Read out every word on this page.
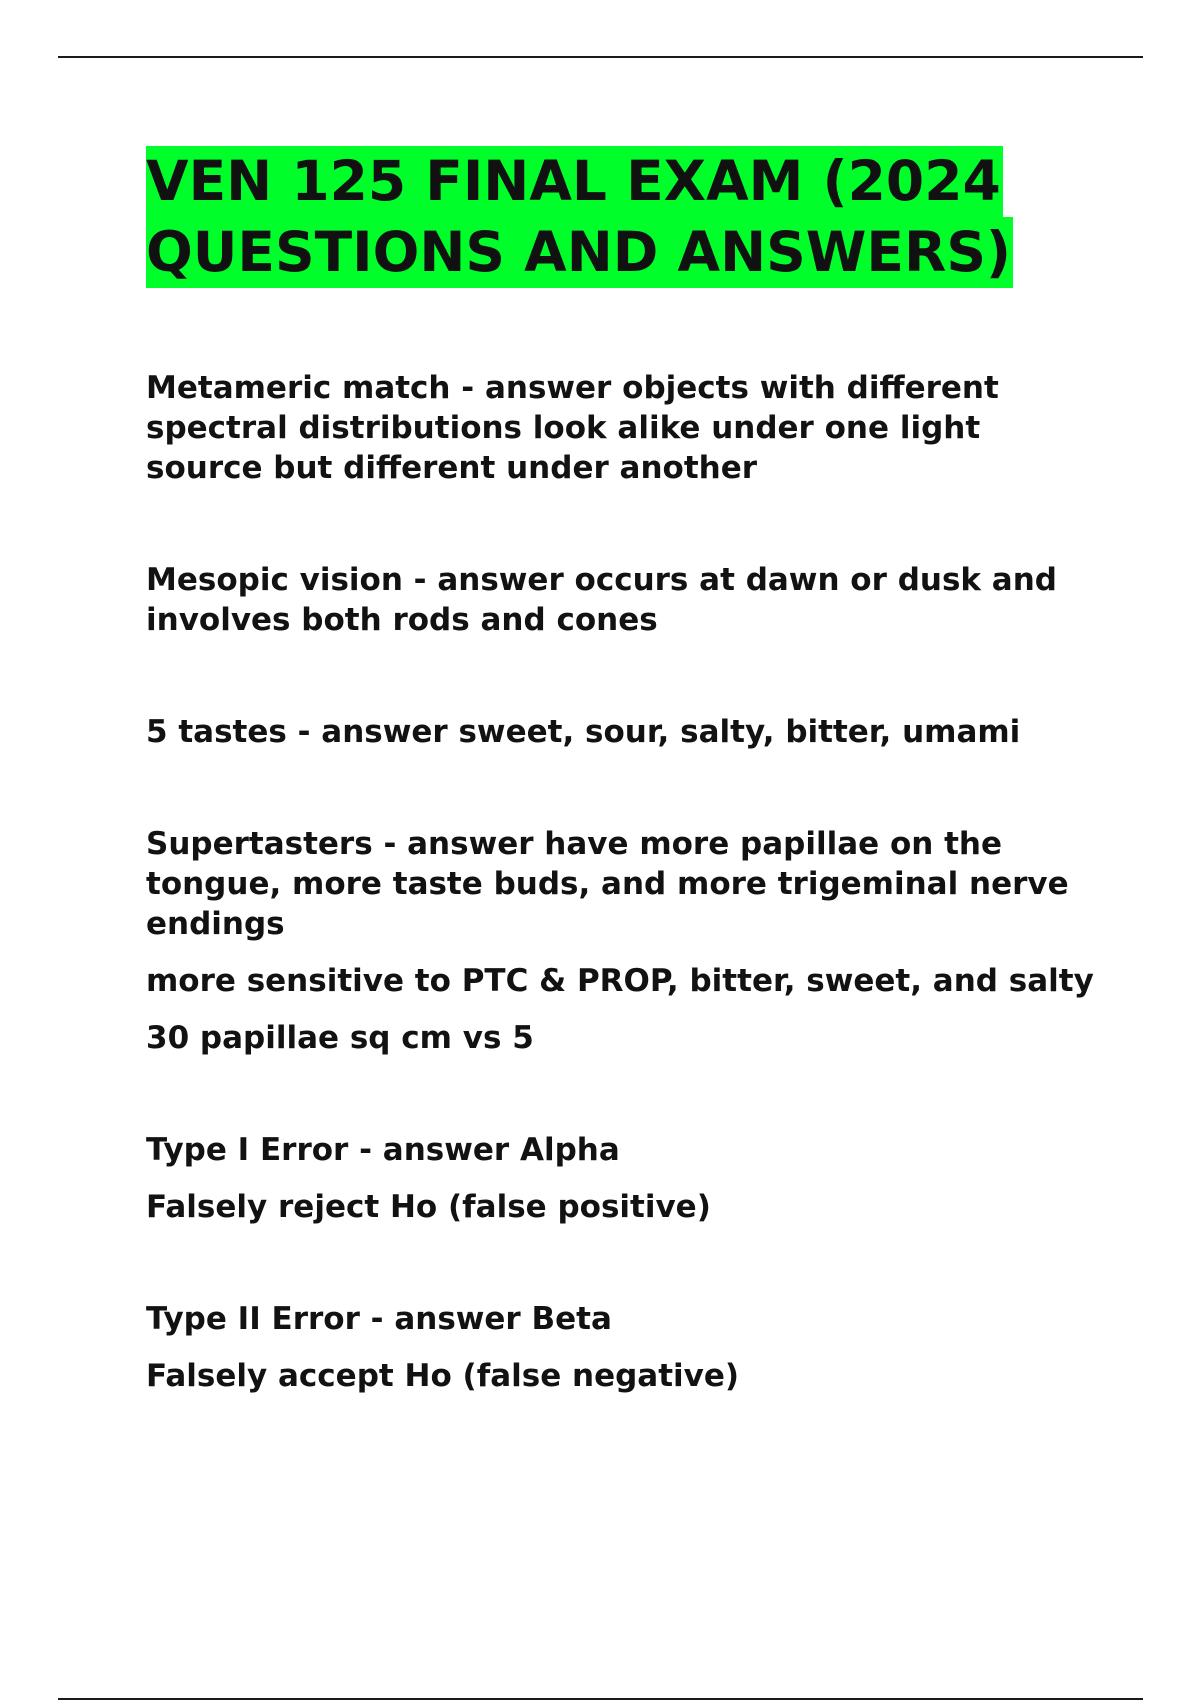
VEN 125 FINAL EXAM (2024
QUESTIONS AND ANSWERS)

Metameric match - answer objects with different spectral distributions look alike under one light source but different under another

Mesopic vision - answer occurs at dawn or dusk and involves both rods and cones

5 tastes - answer sweet, sour, salty, bitter, umami

Supertasters - answer have more papillae on the tongue, more taste buds, and more trigeminal nerve endings

more sensitive to PTC & PROP, bitter, sweet, and salty

30 papillae sq cm vs 5

Type I Error - answer Alpha

Falsely reject Ho (false positive)

Type II Error - answer Beta

Falsely accept Ho (false negative)
